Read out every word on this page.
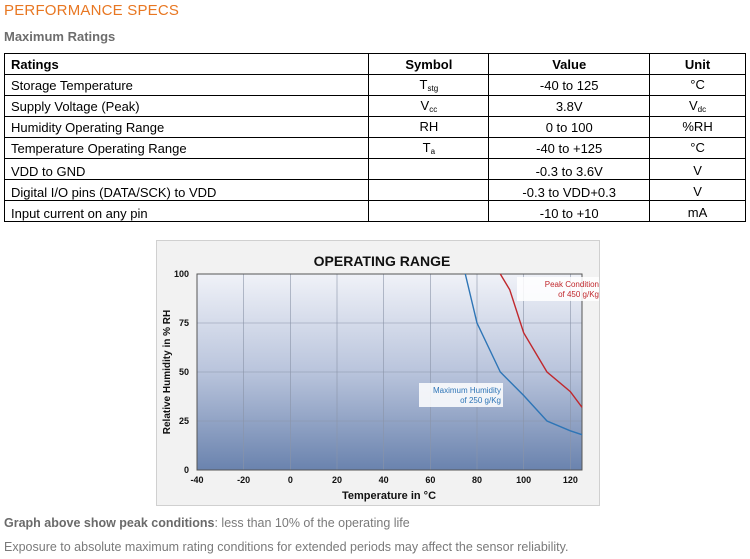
PERFORMANCE SPECS
Maximum Ratings
Ratings	Symbol	Value	Unit
Storage Temperature	$T_{stg}$	-40 to 125	°C
Supply Voltage (Peak)	$V_{cc}$	3.8V	$V_{dc}$
Humidity Operating Range	RH	0 to 100	%RH
Temperature Operating Range	$T_a$	-40 to +125	°C
VDD to GND		-0.3 to 3.6V	V
Digital I/O pins (DATA/SCK) to VDD		-0.3 to VDD+0.3	V
Input current on any pin		-10 to +10	mA
OPERATING RANGE
-40	-20	0	20	40	60	80	100	120
0
25
50
75
100
Maximum Humidity
of 250 g/Kg
Peak Condition
of 450 g/Kg
Temperature in °C
Relative Humidity in % RH
Graph above show peak conditions: less than 10% of the operating life
Exposure to absolute maximum rating conditions for extended periods may affect the sensor reliability.
